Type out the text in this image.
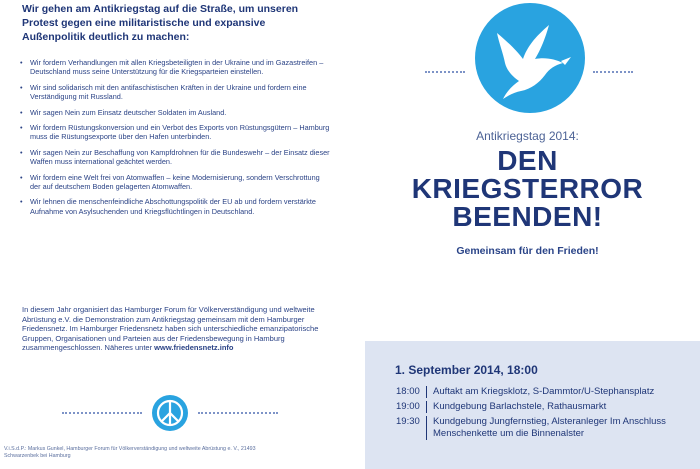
Wir gehen am Antikriegstag auf die Straße, um unseren Protest gegen eine militaristische und expansive Außenpolitik deutlich zu machen:
• Wir fordern Verhandlungen mit allen Kriegsbeteiligten in der Ukraine und im Gazastreifen – Deutschland muss seine Unterstützung für die Kriegsparteien einstellen.
• Wir sind solidarisch mit den antifaschistischen Kräften in der Ukraine und fordern eine Verständigung mit Russland.
• Wir sagen Nein zum Einsatz deutscher Soldaten im Ausland.
• Wir fordern Rüstungskonversion und ein Verbot des Exports von Rüstungsgütern – Hamburg muss die Rüstungsexporte über den Hafen unterbinden.
• Wir sagen Nein zur Beschaffung von Kampfdrohnen für die Bundeswehr – der Einsatz dieser Waffen muss international geächtet werden.
• Wir fordern eine Welt frei von Atomwaffen – keine Modernisierung, sondern Verschrottung der auf deutschem Boden gelagerten Atomwaffen.
• Wir lehnen die menschenfeindliche Abschottungspolitik der EU ab und fordern verstärkte Aufnahme von Asylsuchenden und Kriegsflüchtlingen in Deutschland.
In diesem Jahr organisiert das Hamburger Forum für Völkerverständigung und weltweite Abrüstung e.V. die Demonstration zum Antikriegstag gemeinsam mit dem Hamburger Friedensnetz. Im Hamburger Friedensnetz haben sich unterschiedliche emanzipatorische Gruppen, Organisationen und Parteien aus der Friedensbewegung in Hamburg zusammengeschlossen. Näheres unter www.friedensnetz.info
V.i.S.d.P.: Markus Gunkel, Hamburger Forum für Völkerverständigung und weltweite Abrüstung e. V., 21493 Schwarzenbek bei Hamburg
Antikriegstag 2014:
DEN
KRIEGSTERROR
BEENDEN!
Gemeinsam für den Frieden!
1. September 2014, 18:00
18:00	Auftakt am Kriegsklotz, S-Dammtor/U-Stephansplatz
19:00	Kundgebung Barlachstele, Rathausmarkt
19:30	Kundgebung Jungfernstieg, Alsteranleger Im Anschluss Menschenkette um die Binnenalster
